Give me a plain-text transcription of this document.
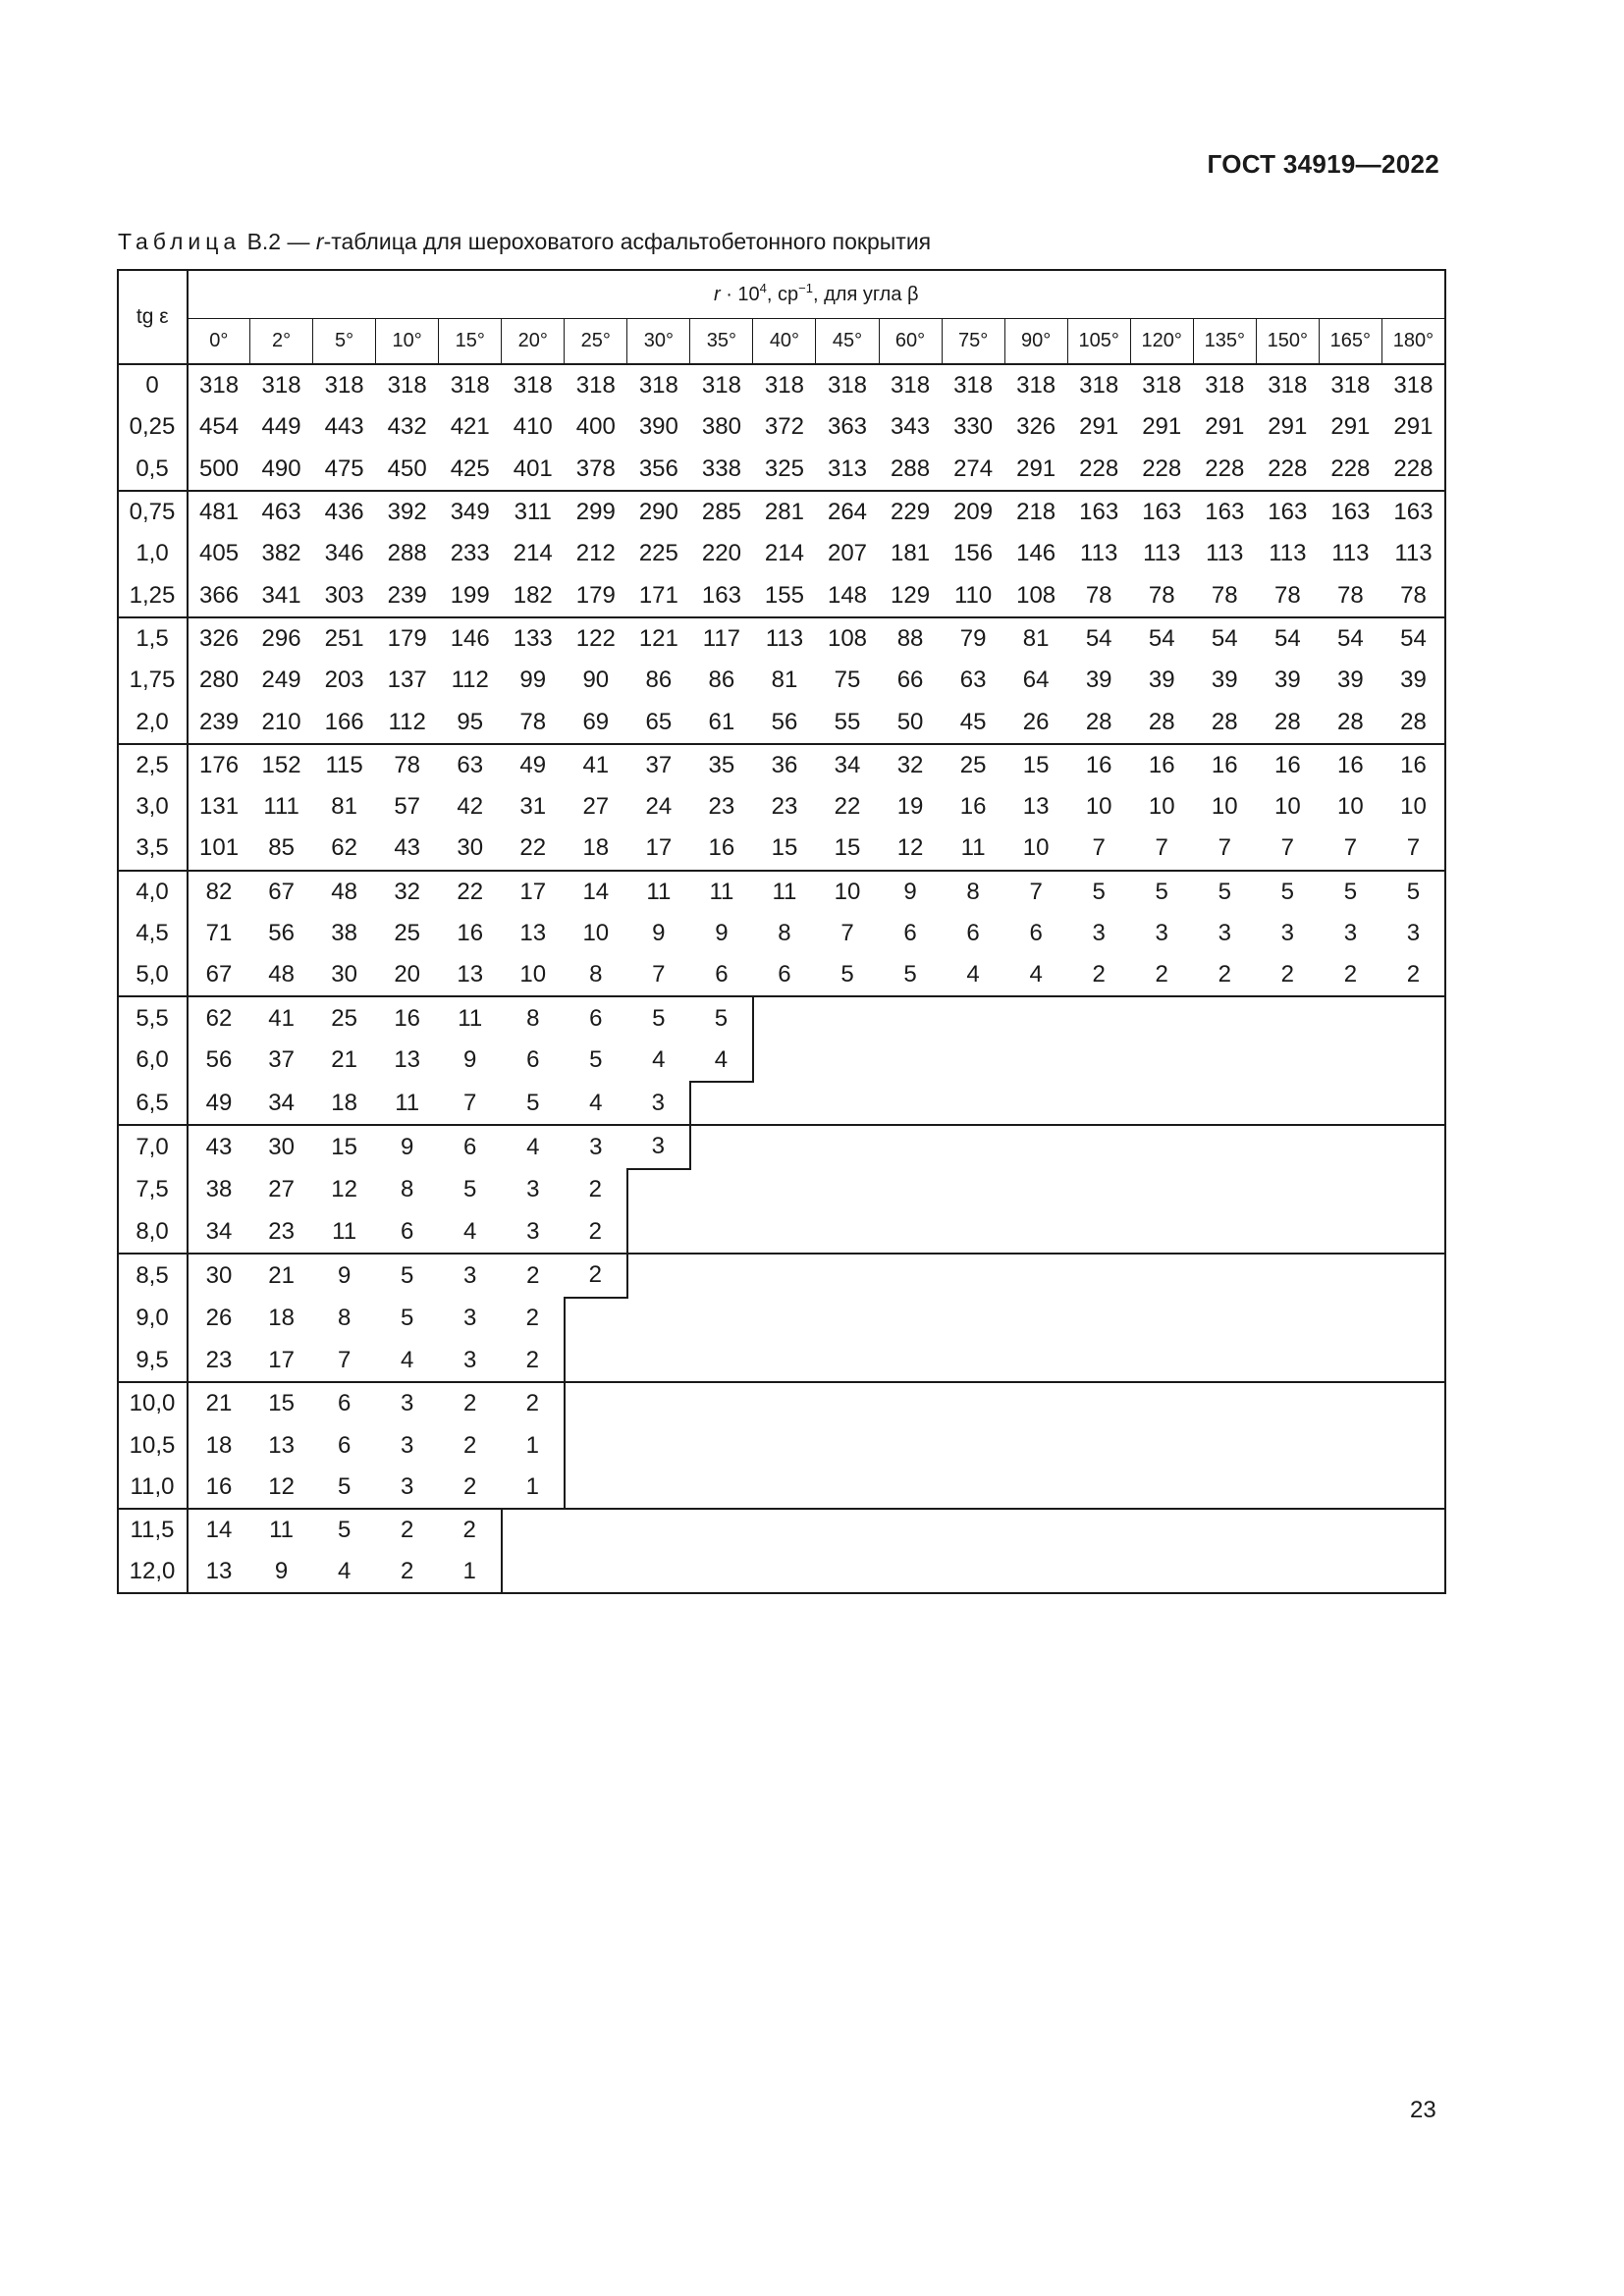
ГОСТ 34919—2022
Таблица В.2 — r-таблица для шероховатого асфальтобетонного покрытия
tg ε	$r \cdot 10^4$, $ср^{-1}$, для угла β																			
	0°	2°	5°	10°	15°	20°	25°	30°	35°	40°	45°	60°	75°	90°	105°	120°	135°	150°	165°	180°
0	318	318	318	318	318	318	318	318	318	318	318	318	318	318	318	318	318	318	318	318
0,25	454	449	443	432	421	410	400	390	380	372	363	343	330	326	291	291	291	291	291	291
0,5	500	490	475	450	425	401	378	356	338	325	313	288	274	291	228	228	228	228	228	228
0,75	481	463	436	392	349	311	299	290	285	281	264	229	209	218	163	163	163	163	163	163
1,0	405	382	346	288	233	214	212	225	220	214	207	181	156	146	113	113	113	113	113	113
1,25	366	341	303	239	199	182	179	171	163	155	148	129	110	108	78	78	78	78	78	78
1,5	326	296	251	179	146	133	122	121	117	113	108	88	79	81	54	54	54	54	54	54
1,75	280	249	203	137	112	99	90	86	86	81	75	66	63	64	39	39	39	39	39	39
2,0	239	210	166	112	95	78	69	65	61	56	55	50	45	26	28	28	28	28	28	28
2,5	176	152	115	78	63	49	41	37	35	36	34	32	25	15	16	16	16	16	16	16
3,0	131	111	81	57	42	31	27	24	23	23	22	19	16	13	10	10	10	10	10	10
3,5	101	85	62	43	30	22	18	17	16	15	15	12	11	10	7	7	7	7	7	7
4,0	82	67	48	32	22	17	14	11	11	11	10	9	8	7	5	5	5	5	5	5
4,5	71	56	38	25	16	13	10	9	9	8	7	6	6	6	3	3	3	3	3	3
5,0	67	48	30	20	13	10	8	7	6	6	5	5	4	4	2	2	2	2	2	2
5,5	62	41	25	16	11	8	6	5	5											
6,0	56	37	21	13	9	6	5	4	4											
6,5	49	34	18	11	7	5	4	3												
7,0	43	30	15	9	6	4	3	3												
7,5	38	27	12	8	5	3	2													
8,0	34	23	11	6	4	3	2													
8,5	30	21	9	5	3	2	2													
9,0	26	18	8	5	3	2														
9,5	23	17	7	4	3	2														
10,0	21	15	6	3	2	2														
10,5	18	13	6	3	2	1														
11,0	16	12	5	3	2	1														
11,5	14	11	5	2	2															
12,0	13	9	4	2	1															
23
